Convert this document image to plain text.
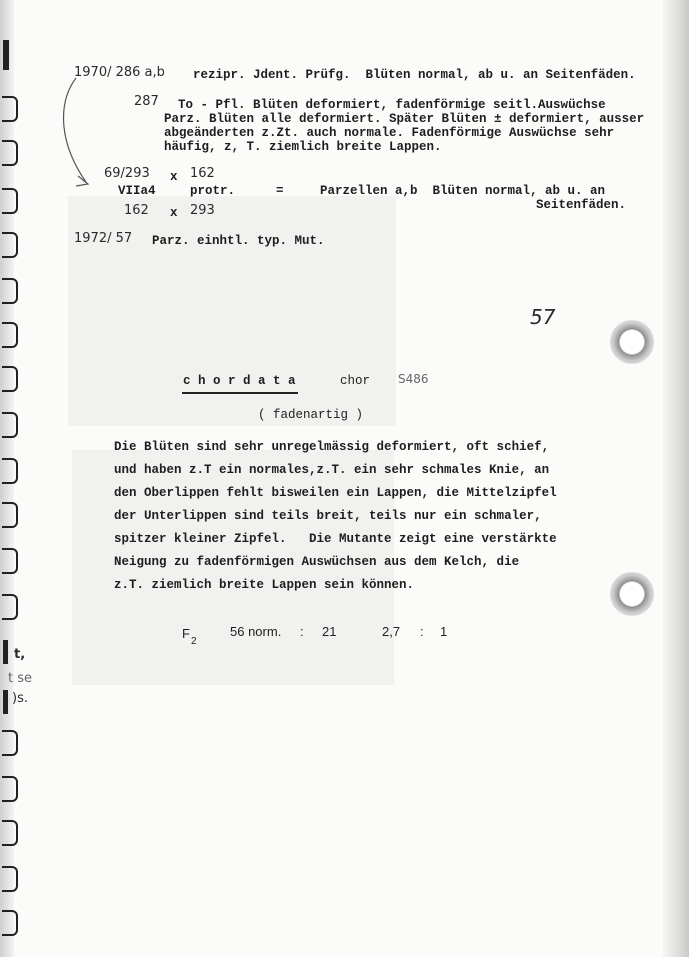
t,
t se
)s.
1970/ 286 a,b rezipr. Jdent. Prüfg.  Blüten normal, ab u. an Seitenfäden.
287 To - Pfl. Blüten deformiert, fadenförmige seitl.Auswüchse
Parz. Blüten alle deformiert. Später Blüten ± deformiert, ausser
abgeänderten z.Zt. auch normale. Fadenförmige Auswüchse sehr
häufig, z, T. ziemlich breite Lappen.
69/293 x 162
VIIa4	protr.	=	Parzellen a,b  Blüten normal, ab u. an
Seitenfäden.
162 x 293
1972/ 57 Parz. einhtl. typ. Mut.
57
c h o r d a t a	chor S486
( fadenartig )
Die Blüten sind sehr unregelmässig deformiert, oft schief,
und haben z.T ein normales,z.T. ein sehr schmales Knie, an
den Oberlippen fehlt bisweilen ein Lappen, die Mittelzipfel
der Unterlippen sind teils breit, teils nur ein schmaler,
spitzer kleiner Zipfel.   Die Mutante zeigt eine verstärkte
Neigung zu fadenförmigen Auswüchsen aus dem Kelch, die
z.T. ziemlich breite Lappen sein können.
F
2
56 norm. : 21	2,7 : 1
